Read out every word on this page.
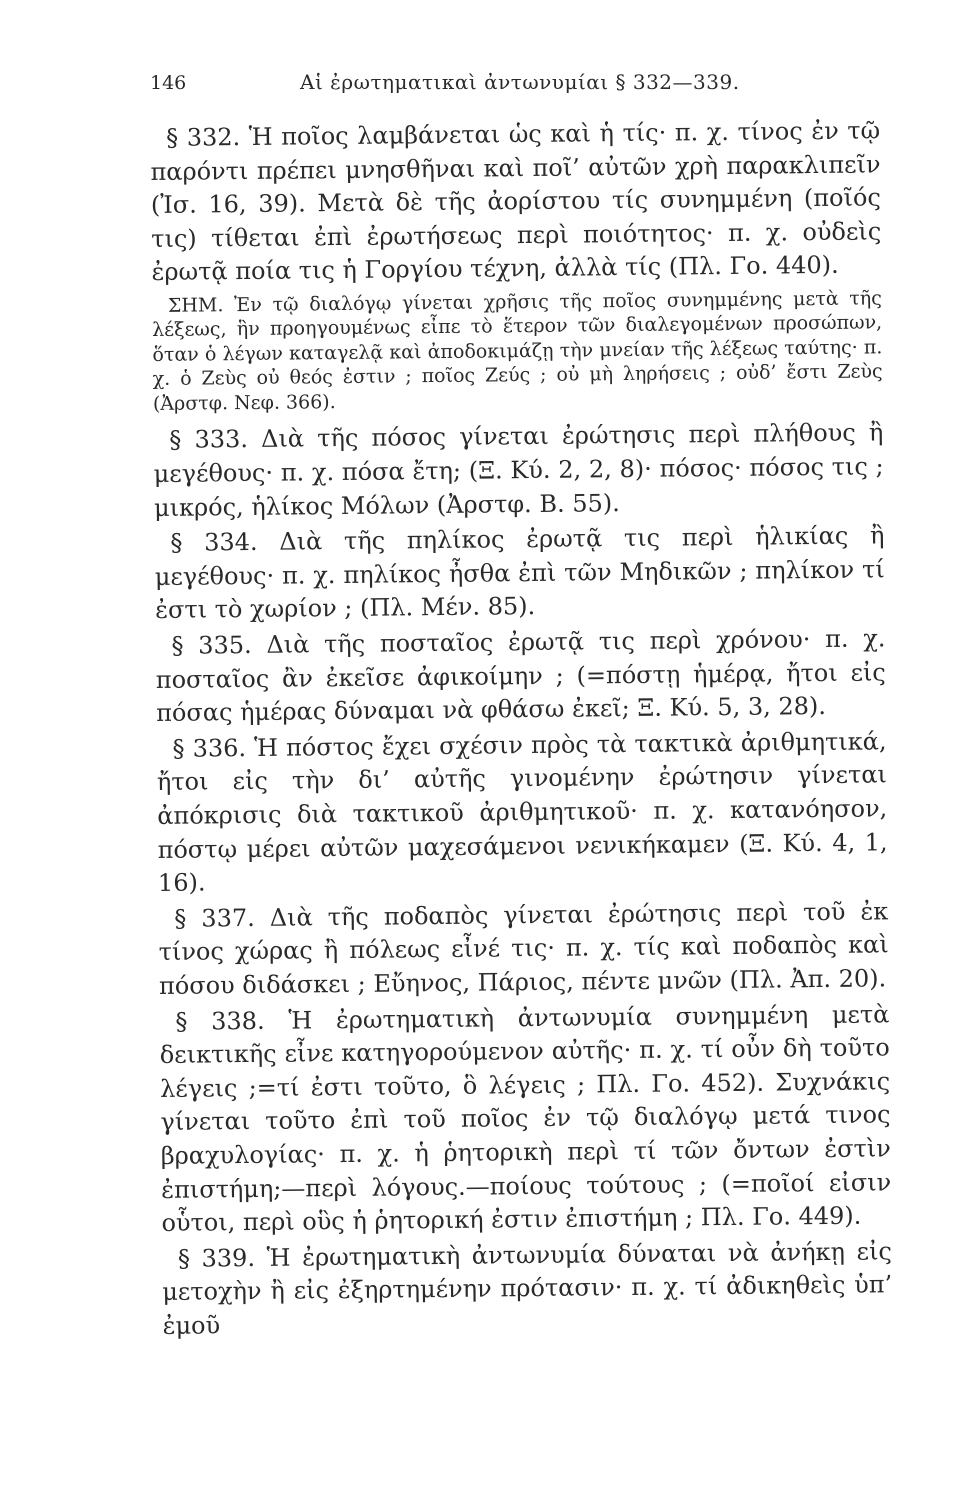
146	Αἱ ἐρωτηματικαὶ ἀντωνυμίαι § 332—339.

§ 332. Ἡ ποῖος λαμβάνεται ὡς καὶ ἡ τίς· π. χ. τίνος ἐν τῷ παρόντι πρέπει μνησθῆναι καὶ ποῖ’ αὐτῶν χρὴ παρακλιπεῖν (Ἰσ. 16, 39). Μετὰ δὲ τῆς ἀορίστου τίς συνημμένη (ποῖός τις) τίθεται ἐπὶ ἐρωτήσεως περὶ ποιότητος· π. χ. οὐδεὶς ἐρωτᾷ ποία τις ἡ Γοργίου τέχνη, ἀλλὰ τίς (Πλ. Γο. 440).

ΣΗΜ. Ἐν τῷ διαλόγῳ γίνεται χρῆσις τῆς ποῖος συνημμένης μετὰ τῆς λέξεως, ἣν προηγουμένως εἶπε τὸ ἕτερον τῶν διαλεγομένων προσώπων, ὅταν ὁ λέγων καταγελᾷ καὶ ἀποδοκιμάζῃ τὴν μνείαν τῆς λέξεως ταύτης· π. χ. ὁ Ζεὺς οὐ θεός ἐστιν ; ποῖος Ζεύς ; οὐ μὴ ληρήσεις ; οὐδ’ ἔστι Ζεὺς (Ἀρστφ. Νεφ. 366).

§ 333. Διὰ τῆς πόσος γίνεται ἐρώτησις περὶ πλήθους ἢ μεγέθους· π. χ. πόσα ἔτη; (Ξ. Κύ. 2, 2, 8)· πόσος· πόσος τις ; μικρός, ἡλίκος Μόλων (Ἀρστφ. Β. 55).

§ 334. Διὰ τῆς πηλίκος ἐρωτᾷ τις περὶ ἡλικίας ἢ μεγέθους· π. χ. πηλίκος ἦσθα ἐπὶ τῶν Μηδικῶν ; πηλίκον τί ἐστι τὸ χωρίον ; (Πλ. Μέν. 85).

§ 335. Διὰ τῆς ποσταῖος ἐρωτᾷ τις περὶ χρόνου· π. χ. ποσταῖος ἂν ἐκεῖσε ἀφικοίμην ; (=πόστῃ ἡμέρᾳ, ἤτοι εἰς πόσας ἡμέρας δύναμαι νὰ φθάσω ἐκεῖ; Ξ. Κύ. 5, 3, 28).

§ 336. Ἡ πόστος ἔχει σχέσιν πρὸς τὰ τακτικὰ ἀριθμητικά, ἤτοι εἰς τὴν δι’ αὐτῆς γινομένην ἐρώτησιν γίνεται ἀπόκρισις διὰ τακτικοῦ ἀριθμητικοῦ· π. χ. κατανόησον, πόστῳ μέρει αὐτῶν μαχεσάμενοι νενικήκαμεν (Ξ. Κύ. 4, 1, 16).

§ 337. Διὰ τῆς ποδαπὸς γίνεται ἐρώτησις περὶ τοῦ ἐκ τίνος χώρας ἢ πόλεως εἶνέ τις· π. χ. τίς καὶ ποδαπὸς καὶ πόσου διδάσκει ; Εὔηνος, Πάριος, πέντε μνῶν (Πλ. Ἀπ. 20).

§ 338. Ἡ ἐρωτηματικὴ ἀντωνυμία συνημμένη μετὰ δεικτικῆς εἶνε κατηγορούμενον αὐτῆς· π. χ. τί οὖν δὴ τοῦτο λέγεις ;=τί ἐστι τοῦτο, ὃ λέγεις ; Πλ. Γο. 452). Συχνάκις γίνεται τοῦτο ἐπὶ τοῦ ποῖος ἐν τῷ διαλόγῳ μετά τινος βραχυλογίας· π. χ. ἡ ῥητορικὴ περὶ τί τῶν ὄντων ἐστὶν ἐπιστήμη;—περὶ λόγους.—ποίους τούτους ; (=ποῖοί εἰσιν οὗτοι, περὶ οὓς ἡ ῥητορική ἐστιν ἐπιστήμη ; Πλ. Γο. 449).

§ 339. Ἡ ἐρωτηματικὴ ἀντωνυμία δύναται νὰ ἀνήκῃ εἰς μετοχὴν ἢ εἰς ἐξηρτημένην πρότασιν· π. χ. τί ἀδικηθεὶς ὑπ’ ἐμοῦ
